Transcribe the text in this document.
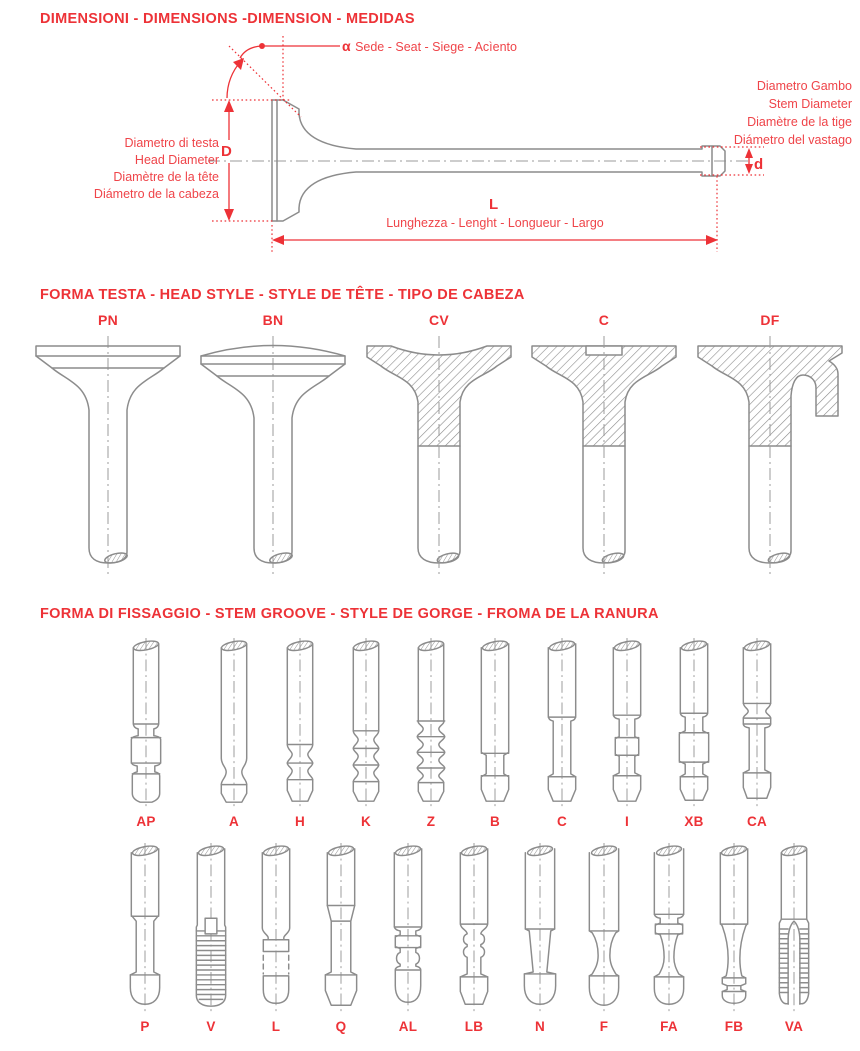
DIMENSIONI - DIMENSIONS -DIMENSION - MEDIDAS
α Sede - Seat - Siege - Acìento
Diametro Gambo
Stem Diameter
Diamètre de la tige
Diámetro del vastago
Diametro di testa
Head Diameter
Diamètre de la tête
Diámetro de la cabeza
D
L
d
Lunghezza - Lenght - Longueur - Largo
FORMA TESTA - HEAD STYLE - STYLE DE TÊTE - TIPO DE CABEZA
PN	BN	CV	C	DF
FORMA DI FISSAGGIO - STEM GROOVE - STYLE DE GORGE - FROMA DE LA RANURA
AP	A	H	K	Z	B	C	I	XB	CA
P	V	L	Q	AL	LB	N	F	FA	FB	VA
